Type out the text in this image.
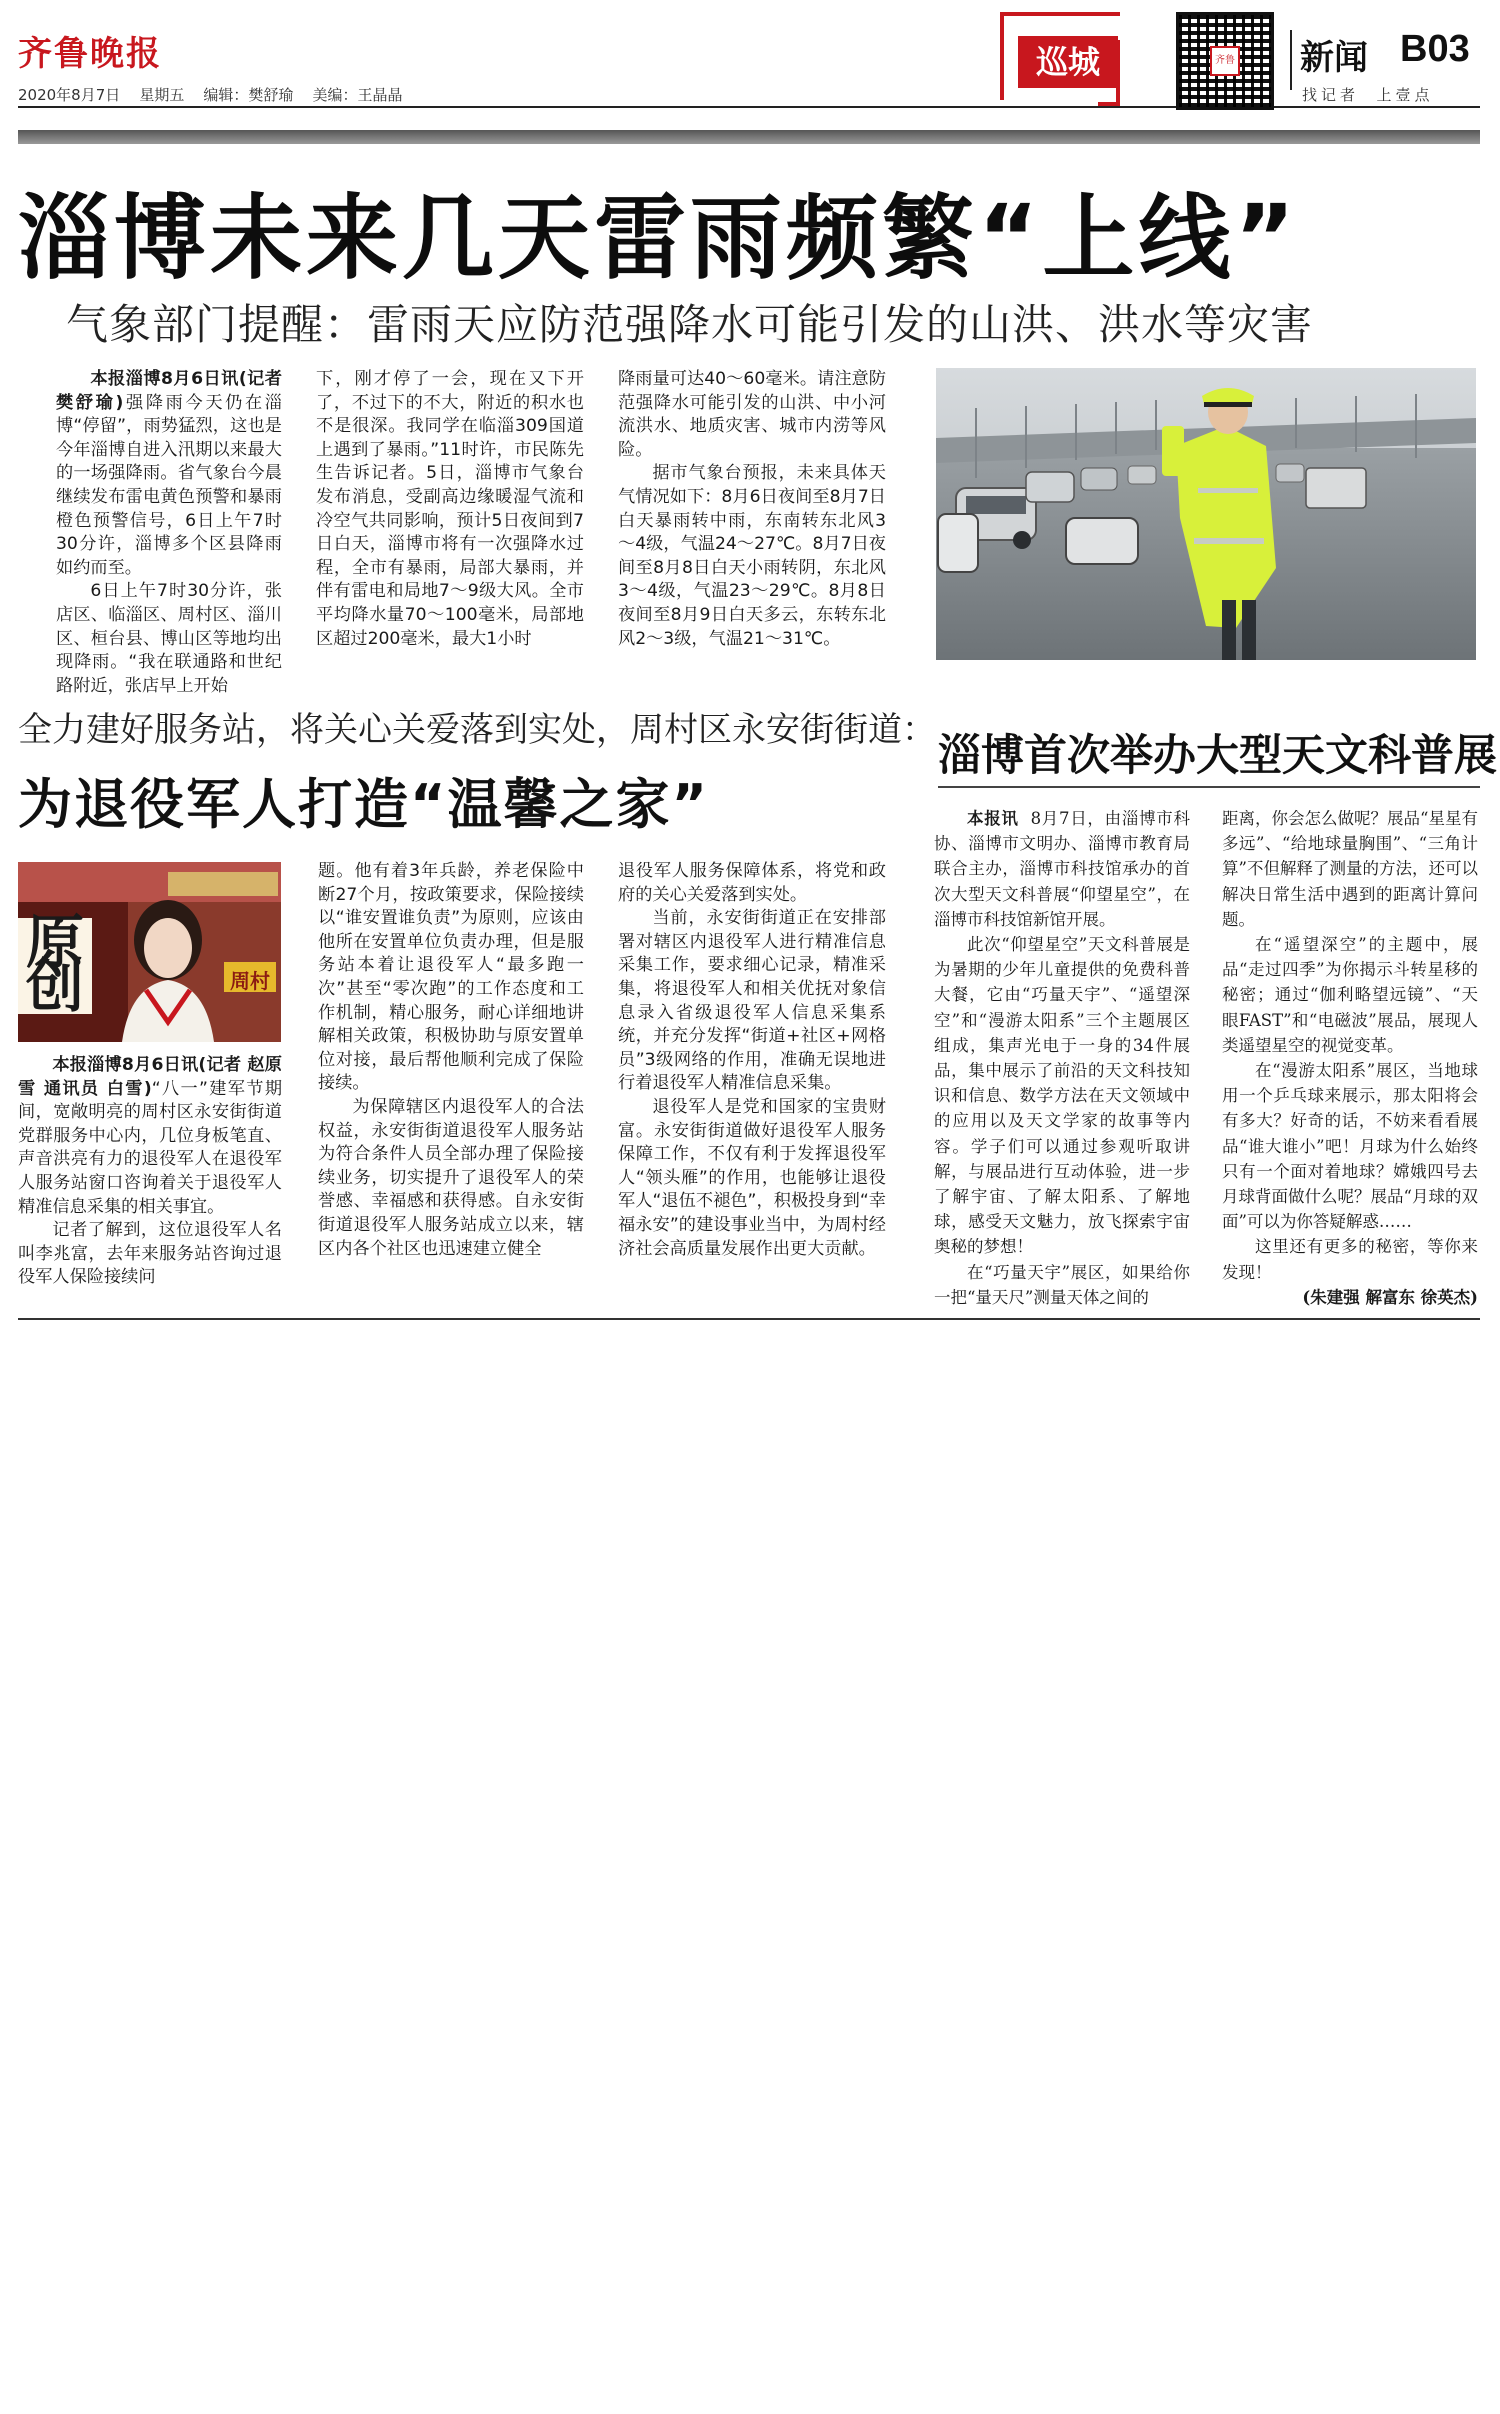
齐鲁晚报
2020年8月7日    星期五    编辑：樊舒瑜    美编：王晶晶
巡城	齐鲁 新闻 B03
找记者  上壹点
淄博未来几天雷雨频繁“上线”
气象部门提醒：雷雨天应防范强降水可能引发的山洪、洪水等灾害

本报淄博8月6日讯(记者 樊舒瑜)强降雨今天仍在淄博“停留”，雨势猛烈，这也是今年淄博自进入汛期以来最大的一场强降雨。省气象台今晨继续发布雷电黄色预警和暴雨橙色预警信号，6日上午7时30分许，淄博多个区县降雨如约而至。

6日上午7时30分许，张店区、临淄区、周村区、淄川区、桓台县、博山区等地均出现降雨。“我在联通路和世纪路附近，张店早上开始

下，刚才停了一会，现在又下开了，不过下的不大，附近的积水也不是很深。我同学在临淄309国道上遇到了暴雨。”11时许，市民陈先生告诉记者。5日，淄博市气象台发布消息，受副高边缘暖湿气流和冷空气共同影响，预计5日夜间到7日白天，淄博市将有一次强降水过程，全市有暴雨，局部大暴雨，并伴有雷电和局地7～9级大风。全市平均降水量70～100毫米，局部地区超过200毫米，最大1小时

降雨量可达40～60毫米。请注意防范强降水可能引发的山洪、中小河流洪水、地质灾害、城市内涝等风险。

据市气象台预报，未来具体天气情况如下：8月6日夜间至8月7日白天暴雨转中雨，东南转东北风3～4级，气温24～27℃。8月7日夜间至8月8日白天小雨转阴，东北风3～4级，气温23～29℃。8月8日夜间至8月9日白天多云，东转东北风2～3级，气温21～31℃。

全力建好服务站，将关心关爱落到实处，周村区永安街街道：
为退役军人打造“温馨之家”
原创	周村

本报淄博8月6日讯(记者 赵原雪 通讯员 白雪)“八一”建军节期间，宽敞明亮的周村区永安街街道党群服务中心内，几位身板笔直、声音洪亮有力的退役军人在退役军人服务站窗口咨询着关于退役军人精准信息采集的相关事宜。

记者了解到，这位退役军人名叫李兆富，去年来服务站咨询过退役军人保险接续问

题。他有着3年兵龄，养老保险中断27个月，按政策要求，保险接续以“谁安置谁负责”为原则，应该由他所在安置单位负责办理，但是服务站本着让退役军人“最多跑一次”甚至“零次跑”的工作态度和工作机制，精心服务，耐心详细地讲解相关政策，积极协助与原安置单位对接，最后帮他顺利完成了保险接续。

为保障辖区内退役军人的合法权益，永安街街道退役军人服务站为符合条件人员全部办理了保险接续业务，切实提升了退役军人的荣誉感、幸福感和获得感。自永安街街道退役军人服务站成立以来，辖区内各个社区也迅速建立健全

退役军人服务保障体系，将党和政府的关心关爱落到实处。

当前，永安街街道正在安排部署对辖区内退役军人进行精准信息采集工作，要求细心记录，精准采集，将退役军人和相关优抚对象信息录入省级退役军人信息采集系统，并充分发挥“街道+社区+网格员”3级网络的作用，准确无误地进行着退役军人精准信息采集。

退役军人是党和国家的宝贵财富。永安街街道做好退役军人服务保障工作，不仅有利于发挥退役军人“领头雁”的作用，也能够让退役军人“退伍不褪色”，积极投身到“幸福永安”的建设事业当中，为周村经济社会高质量发展作出更大贡献。

淄博首次举办大型天文科普展

本报讯 8月7日，由淄博市科协、淄博市文明办、淄博市教育局联合主办，淄博市科技馆承办的首次大型天文科普展“仰望星空”，在淄博市科技馆新馆开展。

此次“仰望星空”天文科普展是为暑期的少年儿童提供的免费科普大餐，它由“巧量天宇”、“遥望深空”和“漫游太阳系”三个主题展区组成，集声光电于一身的34件展品，集中展示了前沿的天文科技知识和信息、数学方法在天文领域中的应用以及天文学家的故事等内容。学子们可以通过参观听取讲解，与展品进行互动体验，进一步了解宇宙、了解太阳系、了解地球，感受天文魅力，放飞探索宇宙奥秘的梦想！

在“巧量天宇”展区，如果给你一把“量天尺”测量天体之间的

距离，你会怎么做呢？展品“星星有多远”、“给地球量胸围”、“三角计算”不但解释了测量的方法，还可以解决日常生活中遇到的距离计算问题。

在“遥望深空”的主题中，展品“走过四季”为你揭示斗转星移的秘密；通过“伽利略望远镜”、“天眼FAST”和“电磁波”展品，展现人类遥望星空的视觉变革。

在“漫游太阳系”展区，当地球用一个乒乓球来展示，那太阳将会有多大？好奇的话，不妨来看看展品“谁大谁小”吧！月球为什么始终只有一个面对着地球？嫦娥四号去月球背面做什么呢？展品“月球的双面”可以为你答疑解惑……

这里还有更多的秘密，等你来发现！

(朱建强 解富东 徐英杰)
